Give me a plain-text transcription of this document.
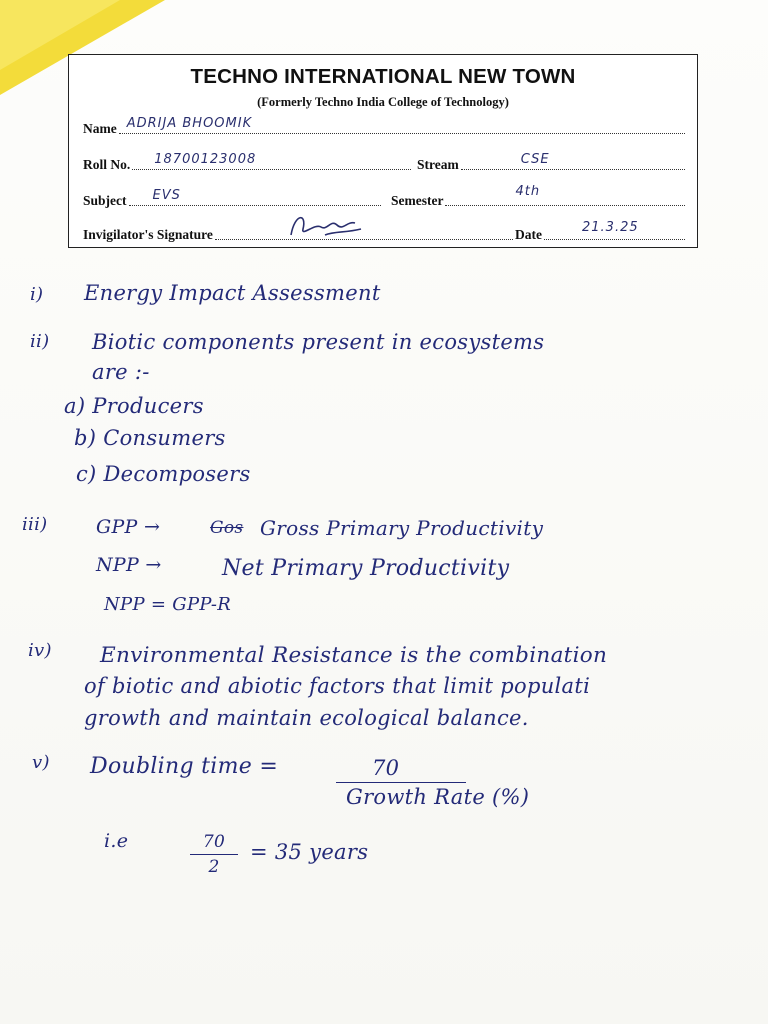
TECHNO INTERNATIONAL NEW TOWN
(Formerly Techno India College of Technology)
Name ADRIJA BHOOMIK
Roll No. 18700123008	Stream	CSE
Subject EVS	Semester
4th
Invigilator's Signature	Date	21.3.25
i) Energy Impact Assessment
ii) Biotic components present in ecosystems
are :-
a) Producers
b) Consumers
c) Decomposers
iii)	GPP →	Gos Gross Primary Productivity
NPP →	Net Primary Productivity
NPP = GPP-R
iv) Environmental Resistance is the combination
of biotic and abiotic factors that limit populati
growth and maintain ecological balance.
v) Doubling time =	70
Growth Rate (%)
i.e	70
2
= 35 years
